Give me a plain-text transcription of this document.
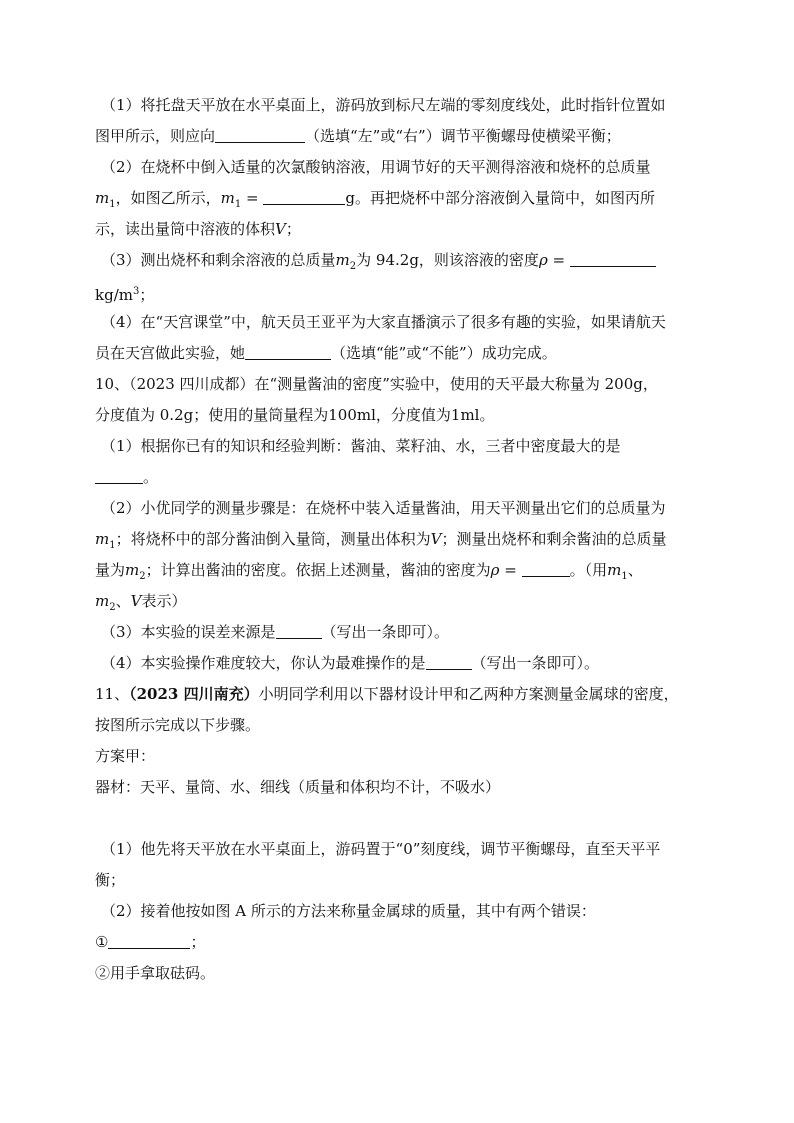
（1）将托盘天平放在水平桌面上，游码放到标尺左端的零刻度线处，此时指针位置如
图甲所示，则应向	（选填“左”或“右”）调节平衡螺母使横梁平衡；
（2）在烧杯中倒入适量的次氯酸钠溶液，用调节好的天平测得溶液和烧杯的总质量
$m_1$，如图乙所示，$m_1$ =	g。再把烧杯中部分溶液倒入量筒中，如图丙所
示，读出量筒中溶液的体积V；
（3）测出烧杯和剩余溶液的总质量$m_2$为 94.2g，则该溶液的密度ρ =
$kg/m^3$；
（4）在“天宫课堂”中，航天员王亚平为大家直播演示了很多有趣的实验，如果请航天
员在天宫做此实验，她	（选填“能”或“不能”）成功完成。
10、（2023 四川成都）在“测量酱油的密度”实验中，使用的天平最大称量为 200g，
分度值为 0.2g；使用的量筒量程为100ml，分度值为1ml。
（1）根据你已有的知识和经验判断：酱油、菜籽油、水，三者中密度最大的是
。
（2）小优同学的测量步骤是：在烧杯中装入适量酱油，用天平测量出它们的总质量为
$m_1$；将烧杯中的部分酱油倒入量筒，测量出体积为V；测量出烧杯和剩余酱油的总质量
量为$m_2$；计算出酱油的密度。依据上述测量，酱油的密度为ρ =	。（用$m_1$、
$m_2$、V表示）
（3）本实验的误差来源是	（写出一条即可）。
（4）本实验操作难度较大，你认为最难操作的是	（写出一条即可）。
11、（2023 四川南充）小明同学利用以下器材设计甲和乙两种方案测量金属球的密度，
按图所示完成以下步骤。
方案甲：
器材：天平、量筒、水、细线（质量和体积均不计，不吸水）
（1）他先将天平放在水平桌面上，游码置于“0”刻度线，调节平衡螺母，直至天平平
衡；
（2）接着他按如图 A 所示的方法来称量金属球的质量，其中有两个错误：
①	；
②用手拿取砝码。
